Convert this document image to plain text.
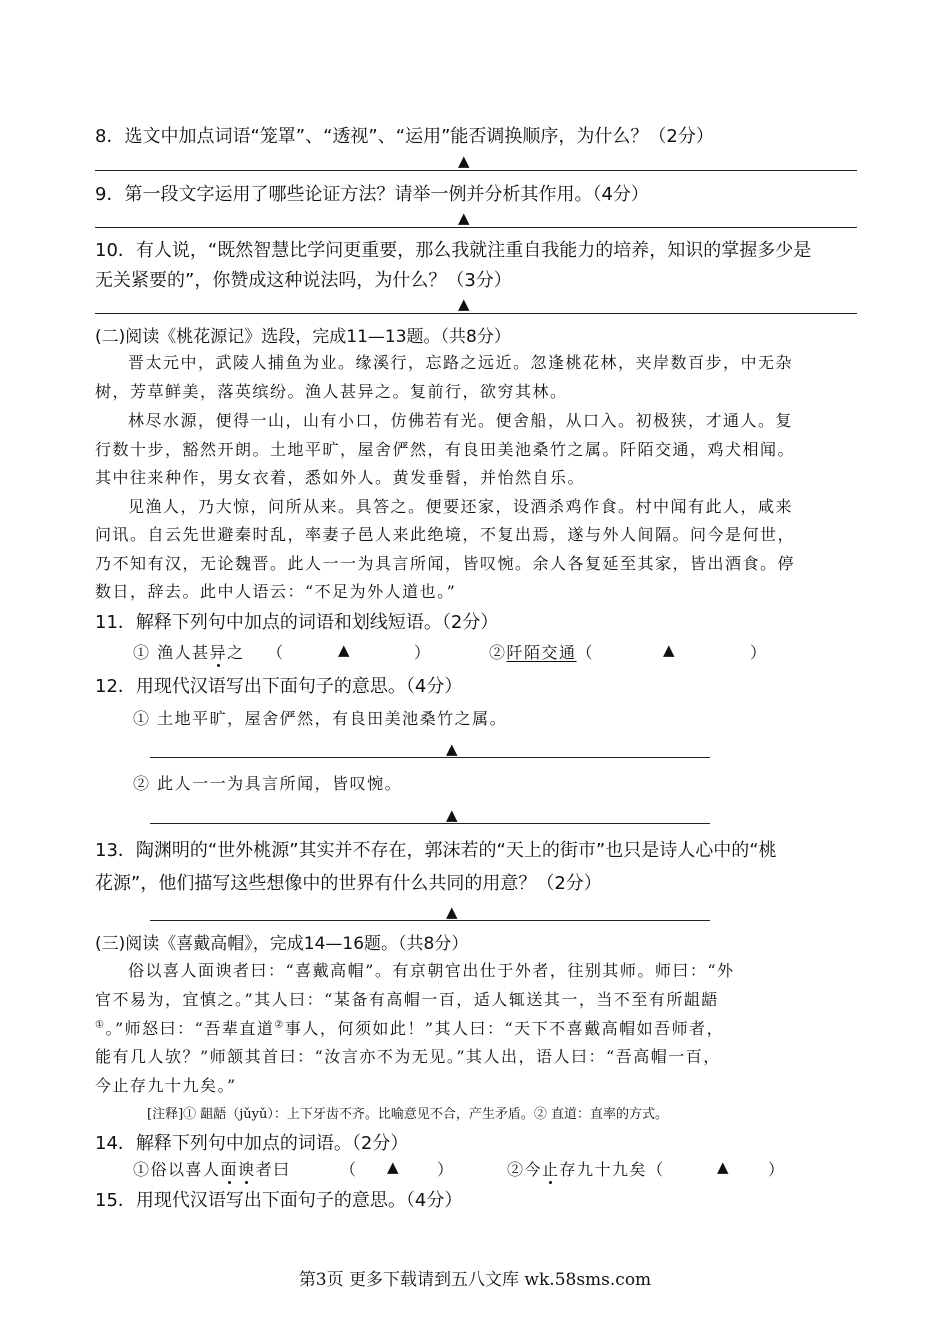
8．选文中加点词语“笼罩”、“透视”、“运用”能否调换顺序，为什么？（2分）
▲
9．第一段文字运用了哪些论证方法？请举一例并分析其作用。（4分）
▲
10．有人说，“既然智慧比学问更重要，那么我就注重自我能力的培养，知识的掌握多少是
无关紧要的”，你赞成这种说法吗，为什么？（3分）
▲
(二)阅读《桃花源记》选段，完成11—13题。（共8分）
晋太元中，武陵人捕鱼为业。缘溪行，忘路之远近。忽逢桃花林，夹岸数百步，中无杂
树，芳草鲜美，落英缤纷。渔人甚异之。复前行，欲穷其林。
林尽水源，便得一山，山有小口，仿佛若有光。便舍船，从口入。初极狭，才通人。复
行数十步，豁然开朗。土地平旷，屋舍俨然，有良田美池桑竹之属。阡陌交通，鸡犬相闻。
其中往来种作，男女衣着，悉如外人。黄发垂髫，并怡然自乐。
见渔人，乃大惊，问所从来。具答之。便要还家，设酒杀鸡作食。村中闻有此人，咸来
问讯。自云先世避秦时乱，率妻子邑人来此绝境，不复出焉，遂与外人间隔。问今是何世，
乃不知有汉，无论魏晋。此人一一为具言所闻，皆叹惋。余人各复延至其家，皆出酒食。停
数日，辞去。此中人语云：“不足为外人道也。”
11．解释下列句中加点的词语和划线短语。（2分）
① 渔人甚异之 （	▲	）	②阡陌交通（	▲	）
12．用现代汉语写出下面句子的意思。（4分）
① 土地平旷，屋舍俨然，有良田美池桑竹之属。
▲
② 此人一一为具言所闻，皆叹惋。
▲
13．陶渊明的“世外桃源”其实并不存在，郭沫若的“天上的街市”也只是诗人心中的“桃
花源”，他们描写这些想像中的世界有什么共同的用意？（2分）
▲
(三)阅读《喜戴高帽》，完成14—16题。（共8分）
俗以喜人面谀者曰：“喜戴高帽”。有京朝官出仕于外者，往别其师。师曰：“外
官不易为，宜慎之。”其人曰：“某备有高帽一百，适人辄送其一，当不至有所龃龉
①。”师怒曰：“吾辈直道②事人，何须如此！”其人曰：“天下不喜戴高帽如吾师者，
能有几人欤？”师颔其首曰：“汝言亦不为无见。”其人出，语人曰：“吾高帽一百，
今止存九十九矣。”
[注释]① 龃龉（jǔyǔ）：上下牙齿不齐。比喻意见不合，产生矛盾。② 直道：直率的方式。
14．解释下列句中加点的词语。（2分）
①俗以喜人面谀者曰	（ ▲ ）	②今止存九十九矣（	▲ ）
15．用现代汉语写出下面句子的意思。（4分）
第3页 更多下载请到五八文库 wk.58sms.com
